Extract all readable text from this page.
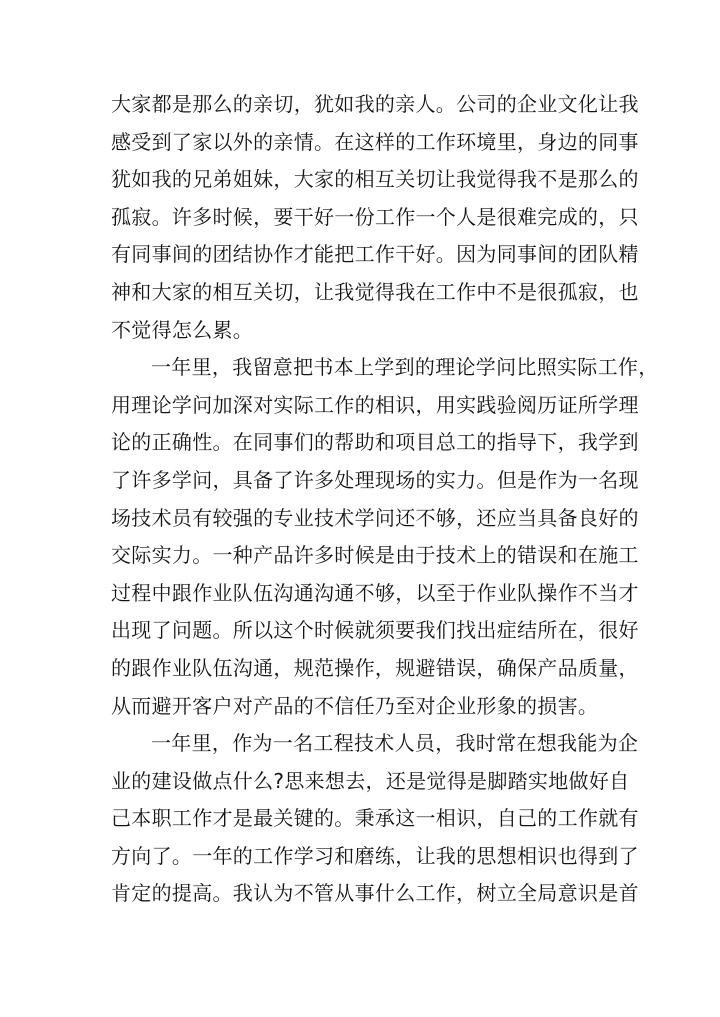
大家都是那么的亲切，犹如我的亲人。公司的企业文化让我
感受到了家以外的亲情。在这样的工作环境里，身边的同事
犹如我的兄弟姐妹，大家的相互关切让我觉得我不是那么的
孤寂。许多时候，要干好一份工作一个人是很难完成的，只
有同事间的团结协作才能把工作干好。因为同事间的团队精
神和大家的相互关切，让我觉得我在工作中不是很孤寂，也
不觉得怎么累。
一年里，我留意把书本上学到的理论学问比照实际工作，
用理论学问加深对实际工作的相识，用实践验阅历证所学理
论的正确性。在同事们的帮助和项目总工的指导下，我学到
了许多学问，具备了许多处理现场的实力。但是作为一名现
场技术员有较强的专业技术学问还不够，还应当具备良好的
交际实力。一种产品许多时候是由于技术上的错误和在施工
过程中跟作业队伍沟通沟通不够，以至于作业队操作不当才
出现了问题。所以这个时候就须要我们找出症结所在，很好
的跟作业队伍沟通，规范操作，规避错误，确保产品质量，
从而避开客户对产品的不信任乃至对企业形象的损害。
一年里，作为一名工程技术人员，我时常在想我能为企
业的建设做点什么?思来想去，还是觉得是脚踏实地做好自
己本职工作才是最关键的。秉承这一相识，自己的工作就有
方向了。一年的工作学习和磨练，让我的思想相识也得到了
肯定的提高。我认为不管从事什么工作，树立全局意识是首
